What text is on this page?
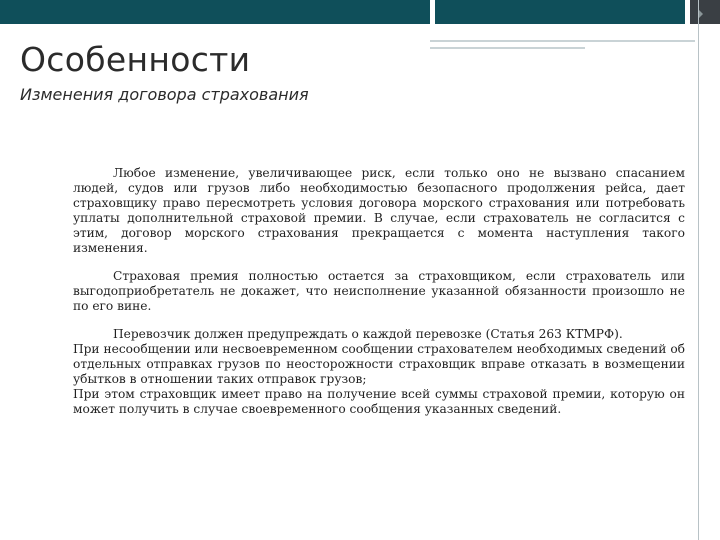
Особенности
Изменения договора страхования

Любое изменение, увеличивающее риск, если только оно не вызвано спасанием людей, судов или грузов либо необходимостью безопасного продолжения рейса, дает страховщику право пересмотреть условия договора морского страхования или потребовать уплаты дополнительной страховой премии. В случае, если страхователь не согласится с этим, договор морского страхования прекращается с момента наступления такого изменения.

Страховая премия полностью остается за страховщиком, если страхователь или выгодоприобретатель не докажет, что неисполнение указанной обязанности произошло не по его вине.

Перевозчик должен предупреждать о каждой перевозке (Статья 263 КТМРФ).

При несообщении или несвоевременном сообщении страхователем необходимых сведений об отдельных отправках грузов по неосторожности страховщик вправе отказать в возмещении убытков в отношении таких отправок грузов;

При этом страховщик имеет право на получение всей суммы страховой премии, которую он может получить в случае своевременного сообщения указанных сведений.
